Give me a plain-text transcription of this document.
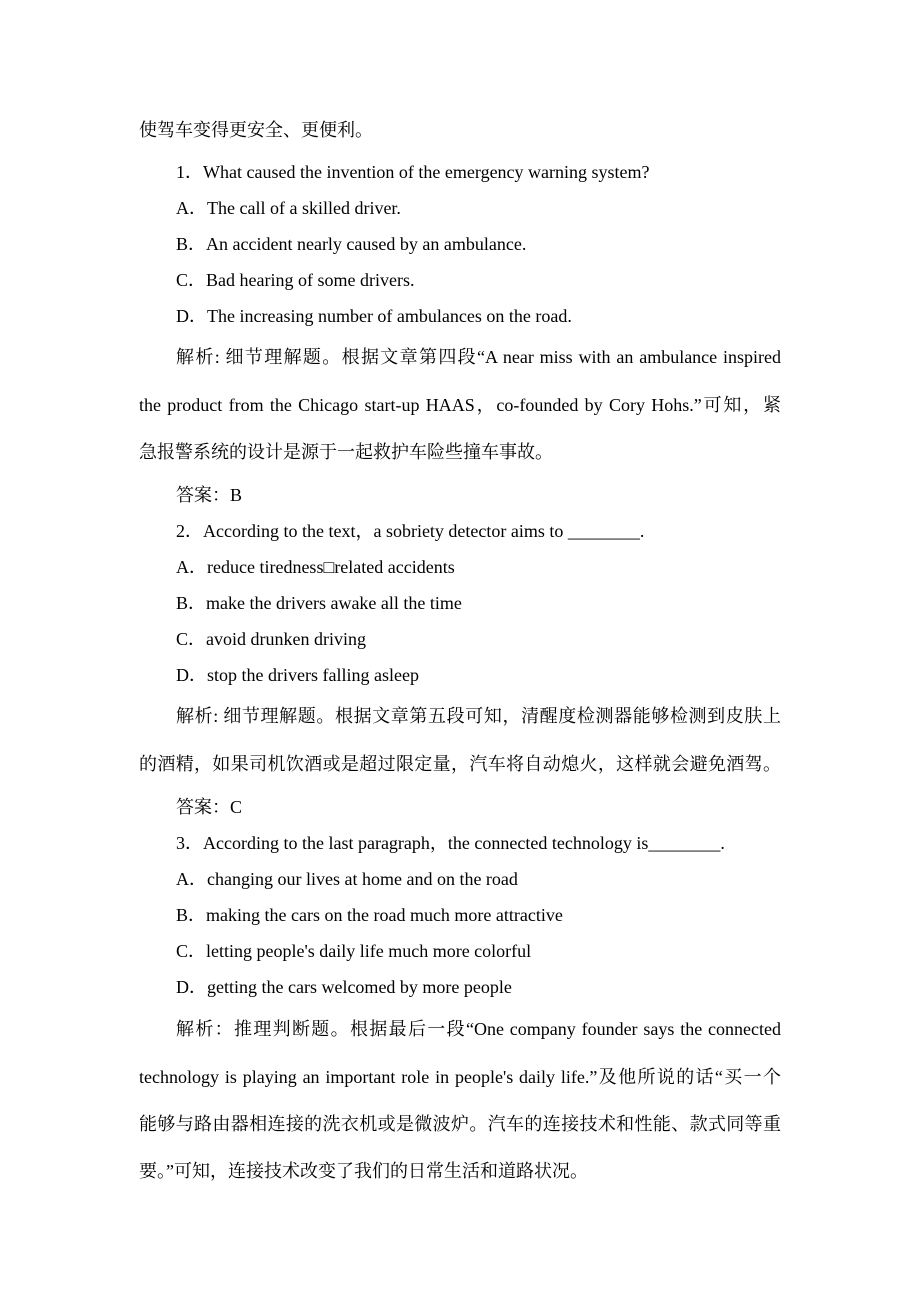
使驾车变得更安全、更便利。
1．What caused the invention of the emergency warning system?
A．The call of a skilled driver.
B．An accident nearly caused by an ambulance.
C．Bad hearing of some drivers.
D．The increasing number of ambulances on the road.
解析: 细节理解题。根据文章第四段“A near miss with an ambulance inspired
the product from the Chicago start-up HAAS，co-founded by Cory Hohs.”可知，紧
急报警系统的设计是源于一起救护车险些撞车事故。
答案：B
2．According to the text，a sobriety detector aims to ________.
A．reduce tiredness□related accidents
B．make the drivers awake all the time
C．avoid drunken driving
D．stop the drivers falling asleep
解析: 细节理解题。根据文章第五段可知，清醒度检测器能够检测到皮肤上
的酒精，如果司机饮酒或是超过限定量，汽车将自动熄火，这样就会避免酒驾。
答案：C
3．According to the last paragraph，the connected technology is________.
A．changing our lives at home and on the road
B．making the cars on the road much more attractive
C．letting people's daily life much more colorful
D．getting the cars welcomed by more people
解析：推理判断题。根据最后一段“One company founder says the connected
technology is playing an important role in people's daily life.”及他所说的话“买一个
能够与路由器相连接的洗衣机或是微波炉。汽车的连接技术和性能、款式同等重
要。”可知，连接技术改变了我们的日常生活和道路状况。
